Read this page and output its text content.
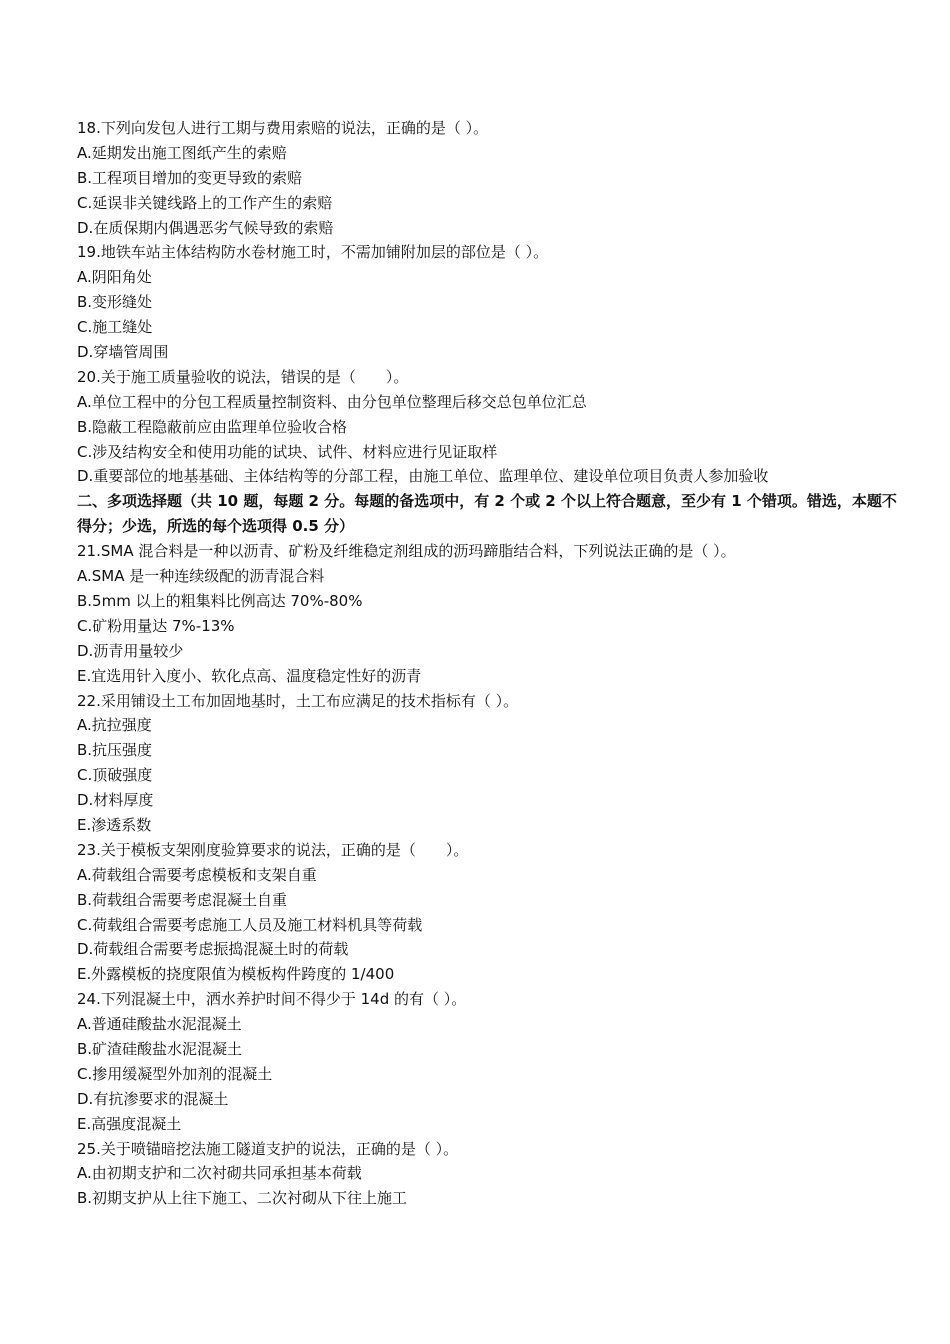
18.下列向发包人进行工期与费用索赔的说法，正确的是（ ）。
A.延期发出施工图纸产生的索赔
B.工程项目增加的变更导致的索赔
C.延误非关键线路上的工作产生的索赔
D.在质保期内偶遇恶劣气候导致的索赔
19.地铁车站主体结构防水卷材施工时，不需加铺附加层的部位是（ ）。
A.阴阳角处
B.变形缝处
C.施工缝处
D.穿墙管周围
20.关于施工质量验收的说法，错误的是（　　）。
A.单位工程中的分包工程质量控制资料、由分包单位整理后移交总包单位汇总
B.隐蔽工程隐蔽前应由监理单位验收合格
C.涉及结构安全和使用功能的试块、试件、材料应进行见证取样
D.重要部位的地基基础、主体结构等的分部工程，由施工单位、监理单位、建设单位项目负责人参加验收
二、多项选择题（共 10 题，每题 2 分。每题的备选项中，有 2 个或 2 个以上符合题意，至少有 1 个错项。错选，本题不得分；少选，所选的每个选项得 0.5 分）
21.SMA 混合料是一种以沥青、矿粉及纤维稳定剂组成的沥玛蹄脂结合料，下列说法正确的是（ ）。
A.SMA 是一种连续级配的沥青混合料
B.5mm 以上的粗集料比例高达 70%-80%
C.矿粉用量达 7%-13%
D.沥青用量较少
E.宜选用针入度小、软化点高、温度稳定性好的沥青
22.采用铺设土工布加固地基时，土工布应满足的技术指标有（ ）。
A.抗拉强度
B.抗压强度
C.顶破强度
D.材料厚度
E.渗透系数
23.关于模板支架刚度验算要求的说法，正确的是（　　）。
A.荷载组合需要考虑模板和支架自重
B.荷载组合需要考虑混凝土自重
C.荷载组合需要考虑施工人员及施工材料机具等荷载
D.荷载组合需要考虑振捣混凝土时的荷载
E.外露模板的挠度限值为模板构件跨度的 1/400
24.下列混凝土中，洒水养护时间不得少于 14d 的有（ ）。
A.普通硅酸盐水泥混凝土
B.矿渣硅酸盐水泥混凝土
C.掺用缓凝型外加剂的混凝土
D.有抗渗要求的混凝土
E.高强度混凝土
25.关于喷锚暗挖法施工隧道支护的说法，正确的是（ ）。
A.由初期支护和二次衬砌共同承担基本荷载
B.初期支护从上往下施工、二次衬砌从下往上施工
